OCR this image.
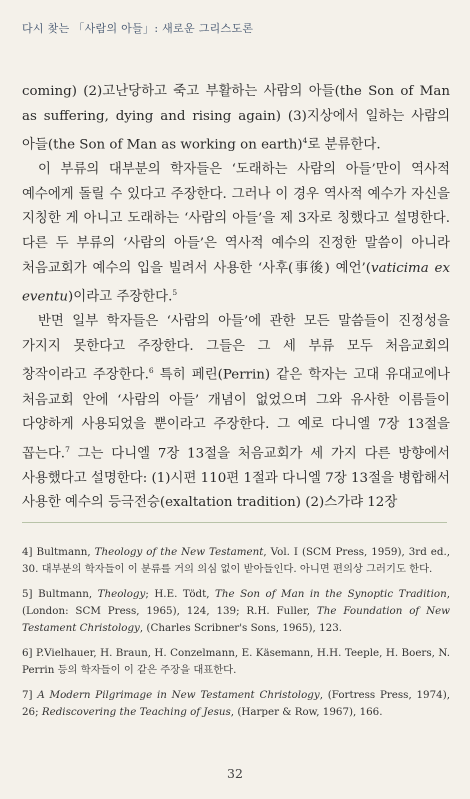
다시 찾는 「사람의 아들」: 새로운 그리스도론

coming) (2)고난당하고 죽고 부활하는 사람의 아들(the Son of Man as suffering, dying and rising again) (3)지상에서 일하는 사람의 아들(the Son of Man as working on earth)$^4$로 분류한다.

이 부류의 대부분의 학자들은 ‘도래하는 사람의 아들’만이 역사적 예수에게 돌릴 수 있다고 주장한다. 그러나 이 경우 역사적 예수가 자신을 지칭한 게 아니고 도래하는 ‘사람의 아들’을 제 3자로 칭했다고 설명한다. 다른 두 부류의 ‘사람의 아들’은 역사적 예수의 진정한 말씀이 아니라 처음교회가 예수의 입을 빌려서 사용한 ‘사후(事後) 예언’(vaticima ex eventu)이라고 주장한다.$^5$

반면 일부 학자들은 ‘사람의 아들’에 관한 모든 말씀들이 진정성을 가지지 못한다고 주장한다. 그들은 그 세 부류 모두 처음교회의 창작이라고 주장한다.$^6$ 특히 페린(Perrin) 같은 학자는 고대 유대교에나 처음교회 안에 ‘사람의 아들’ 개념이 없었으며 그와 유사한 이름들이 다양하게 사용되었을 뿐이라고 주장한다. 그 예로 다니엘 7장 13절을 꼽는다.$^7$ 그는 다니엘 7장 13절을 처음교회가 세 가지 다른 방향에서 사용했다고 설명한다: (1)시편 110편 1절과 다니엘 7장 13절을 병합해서 사용한 예수의 등극전승(exaltation tradition) (2)스가랴 12장

4] Bultmann, Theology of the New Testament, Vol. I (SCM Press, 1959), 3rd ed., 30. 대부분의 학자들이 이 분류를 거의 의심 없이 받아들인다. 아니면 편의상 그러기도 한다.

5] Bultmann, Theology; H.E. Tödt, The Son of Man in the Synoptic Tradition, (London: SCM Press, 1965), 124, 139; R.H. Fuller, The Foundation of New Testament Christology, (Charles Scribner's Sons, 1965), 123.

6] P.Vielhauer, H. Braun, H. Conzelmann, E. Käsemann, H.H. Teeple, H. Boers, N. Perrin 등의 학자들이 이 같은 주장을 대표한다.

7] A Modern Pilgrimage in New Testament Christology, (Fortress Press, 1974), 26; Rediscovering the Teaching of Jesus, (Harper & Row, 1967), 166.

32
